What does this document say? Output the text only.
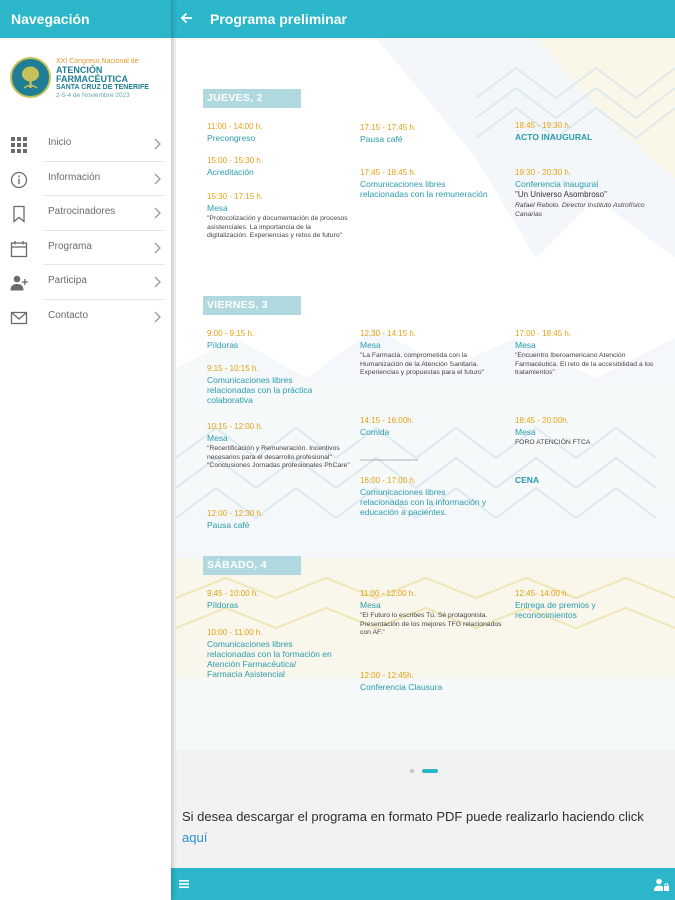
Navegación
XXI Congreso Nacional de
ATENCIÓN
FARMACÉUTICA
SANTA CRUZ DE TENERIFE
2-5-4 de Noviembre 2023
Inicio
Información
Patrocinadores
Programa
Participa
Contacto
Programa preliminar
JUEVES, 2
11:00 - 14:00 h.
Precongreso
15:00 - 15:30 h.
Acreditación
15:30 - 17:15 h.
Mesa
"Protocolización y documentación de procesos asistenciales. La importancia de la digitalización. Experiencias y retos de futuro"
17:15 - 17:45 h.
Pausa café
17:45 - 18:45 h.
Comunicaciones libres relacionadas con la remuneración
18:45 - 19:30 h.
ACTO INAUGURAL
19:30 - 20:30 h.
Conferencia inaugural
"Un Universo Asombroso"
Rafael Rebolo. Director Instituto Astrofísico Canarias
VIERNES, 3
9:00 - 9:15 h.
Píldoras
9:15 - 10:15 h.
Comunicaciones libres relacionadas con la práctica colaborativa
10:15 - 12:00 h.
Mesa
"Recertificación y Remuneración. Incentivos necesarios para el desarrollo profesional" "Conclusiones Jornadas profesionales PhCare"
12:00 - 12:30 h.
Pausa café
12:30 - 14:15 h.
Mesa
"La Farmacia, comprometida con la Humanización de la Atención Sanitaria. Experiencias y propuestas para el futuro"
14:15 - 16:00h.
Comida
16:00 - 17:00 h.
Comunicaciones libres relacionadas con la información y educación a pacientes.
17:00 - 18:45 h.
Mesa
"Encuentro Iberoamericano Atención Farmacéutica. El reto de la accesibilidad a los tratamientos"
18:45 - 20:00h.
Mesa
FORO ATENCIÓN FTCA
CENA
SÁBADO, 4
9:45 - 10:00 h.
Píldoras
10:00 - 11:00 h.
Comunicaciones libres relacionadas con la formación en Atención Farmacéutica/ Farmacia Asistencial
11:00 - 12:00 h.
Mesa
"El Futuro lo escribes Tú. Sé protagonista. Presentación de los mejores TFG relacionados con AF."
12:00 - 12:45h.
Conferencia Clausura
12:45- 14:00 h.
Entrega de premios y reconocimientos
Si desea descargar el programa en formato PDF puede realizarlo haciendo click aquí
